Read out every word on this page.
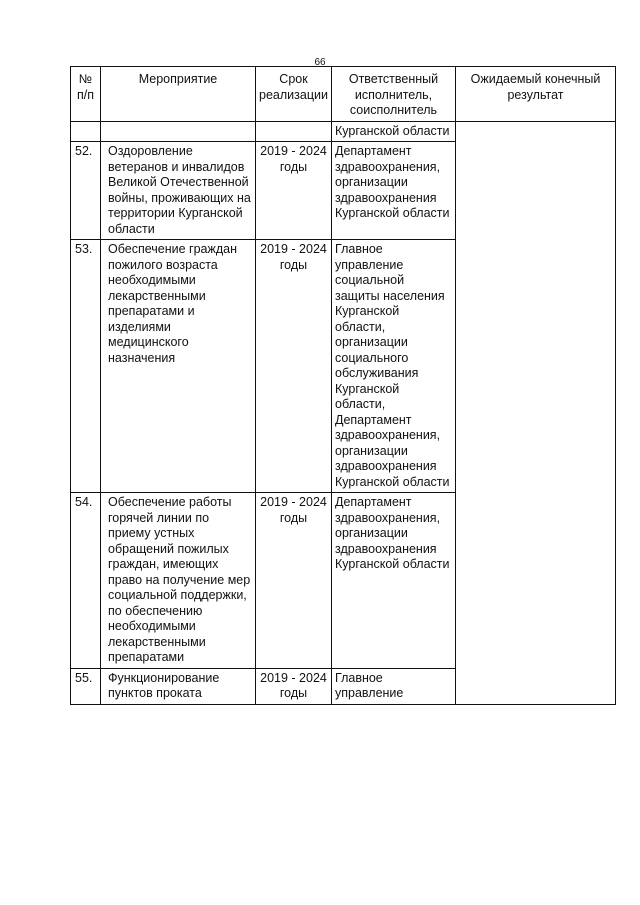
66
№ п/п	Мероприятие	Срок реализации	Ответственный исполнитель, соисполнитель	Ожидаемый конечный результат
			Курганской области	
52.	Оздоровление ветеранов и инвалидов Великой Отечественной войны, проживающих на территории Курганской области	2019 - 2024 годы	Департамент здравоохранения, организации здравоохранения Курганской области	
53.	Обеспечение граждан пожилого возраста необходимыми лекарственными препаратами и изделиями медицинского назначения	2019 - 2024 годы	Главное управление социальной защиты населения Курганской области, организации социального обслуживания Курганской области, Департамент здравоохранения, организации здравоохранения Курганской области	
54.	Обеспечение работы горячей линии по приему устных обращений пожилых граждан, имеющих право на получение мер социальной поддержки, по обеспечению необходимыми лекарственными препаратами	2019 - 2024 годы	Департамент здравоохранения, организации здравоохранения Курганской области	
55.	Функционирование пунктов проката	2019 - 2024 годы	Главное управление	
